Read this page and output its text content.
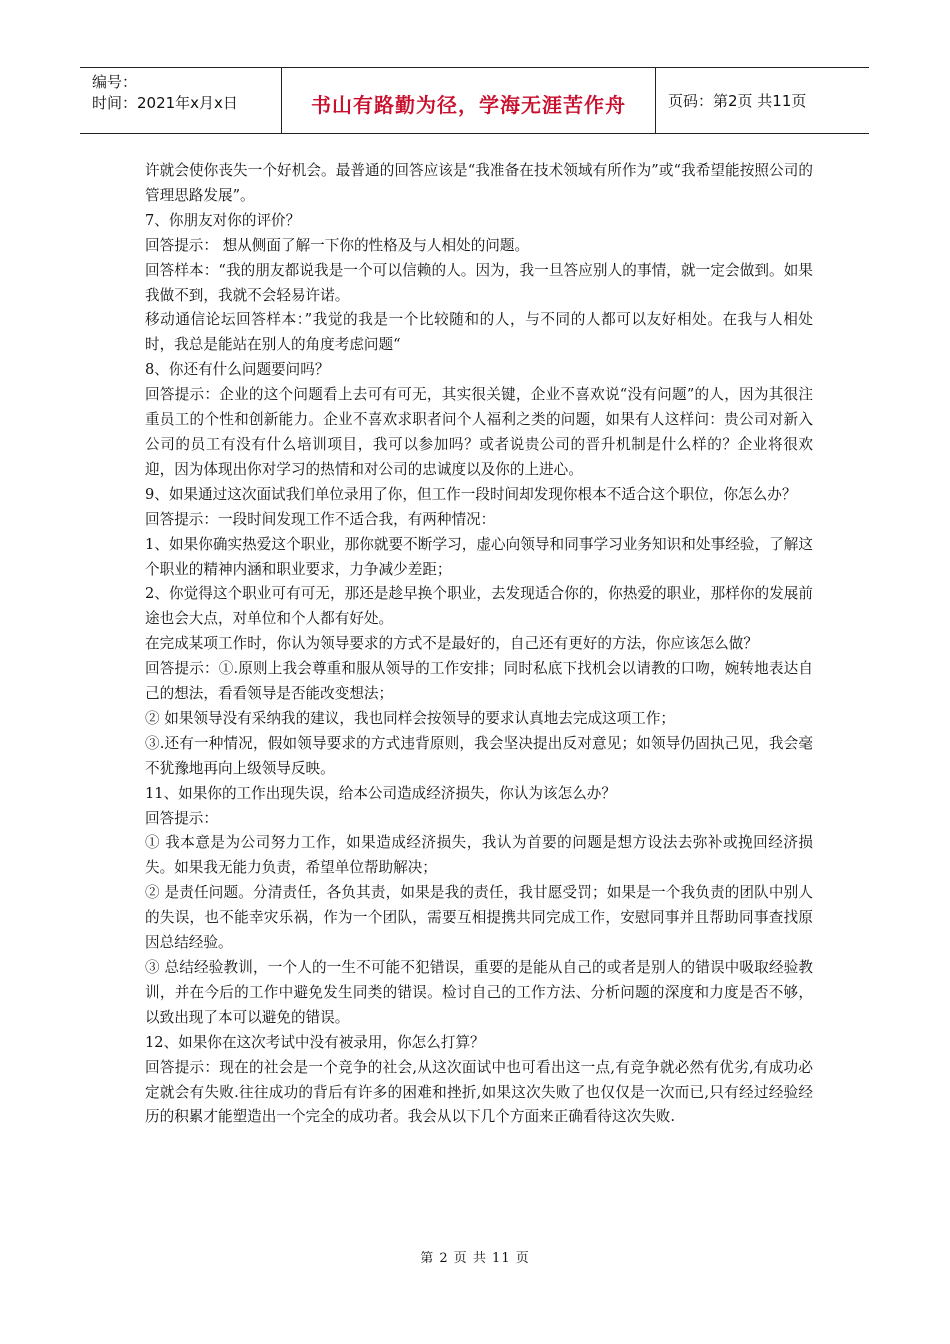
编号：
时间：2021年x月x日	书山有路勤为径，学海无涯苦作舟	页码：第2页 共11页

许就会使你丧失一个好机会。最普通的回答应该是“我准备在技术领域有所作为”或“我希望能按照公司的管理思路发展”。

7、你朋友对你的评价？

回答提示： 想从侧面了解一下你的性格及与人相处的问题。

回答样本：“我的朋友都说我是一个可以信赖的人。因为，我一旦答应别人的事情，就一定会做到。如果我做不到，我就不会轻易许诺。

移动通信论坛回答样本：”我觉的我是一个比较随和的人，与不同的人都可以友好相处。在我与人相处时，我总是能站在别人的角度考虑问题“

8、你还有什么问题要问吗？

回答提示：企业的这个问题看上去可有可无，其实很关键，企业不喜欢说“没有问题”的人，因为其很注重员工的个性和创新能力。企业不喜欢求职者问个人福利之类的问题，如果有人这样问：贵公司对新入公司的员工有没有什么培训项目，我可以参加吗？或者说贵公司的晋升机制是什么样的？企业将很欢迎，因为体现出你对学习的热情和对公司的忠诚度以及你的上进心。

9、如果通过这次面试我们单位录用了你，但工作一段时间却发现你根本不适合这个职位，你怎么办？

回答提示：一段时间发现工作不适合我，有两种情况：

1、如果你确实热爱这个职业，那你就要不断学习，虚心向领导和同事学习业务知识和处事经验，了解这个职业的精神内涵和职业要求，力争减少差距；

2、你觉得这个职业可有可无，那还是趁早换个职业，去发现适合你的，你热爱的职业，那样你的发展前途也会大点，对单位和个人都有好处。

在完成某项工作时，你认为领导要求的方式不是最好的，自己还有更好的方法，你应该怎么做？

回答提示：①.原则上我会尊重和服从领导的工作安排；同时私底下找机会以请教的口吻，婉转地表达自己的想法，看看领导是否能改变想法；

② 如果领导没有采纳我的建议，我也同样会按领导的要求认真地去完成这项工作；

③.还有一种情况，假如领导要求的方式违背原则，我会坚决提出反对意见；如领导仍固执己见，我会毫不犹豫地再向上级领导反映。

11、如果你的工作出现失误，给本公司造成经济损失，你认为该怎么办？

回答提示：

① 我本意是为公司努力工作，如果造成经济损失，我认为首要的问题是想方设法去弥补或挽回经济损失。如果我无能力负责，希望单位帮助解决；

② 是责任问题。分清责任，各负其责，如果是我的责任，我甘愿受罚；如果是一个我负责的团队中别人的失误，也不能幸灾乐祸，作为一个团队，需要互相提携共同完成工作，安慰同事并且帮助同事查找原因总结经验。

③ 总结经验教训，一个人的一生不可能不犯错误，重要的是能从自己的或者是别人的错误中吸取经验教训，并在今后的工作中避免发生同类的错误。检讨自己的工作方法、分析问题的深度和力度是否不够，以致出现了本可以避免的错误。

12、如果你在这次考试中没有被录用，你怎么打算？

回答提示：现在的社会是一个竞争的社会,从这次面试中也可看出这一点,有竞争就必然有优劣,有成功必定就会有失败.往往成功的背后有许多的困难和挫折,如果这次失败了也仅仅是一次而已,只有经过经验经历的积累才能塑造出一个完全的成功者。我会从以下几个方面来正确看待这次失败.

第 2 页 共 11 页
